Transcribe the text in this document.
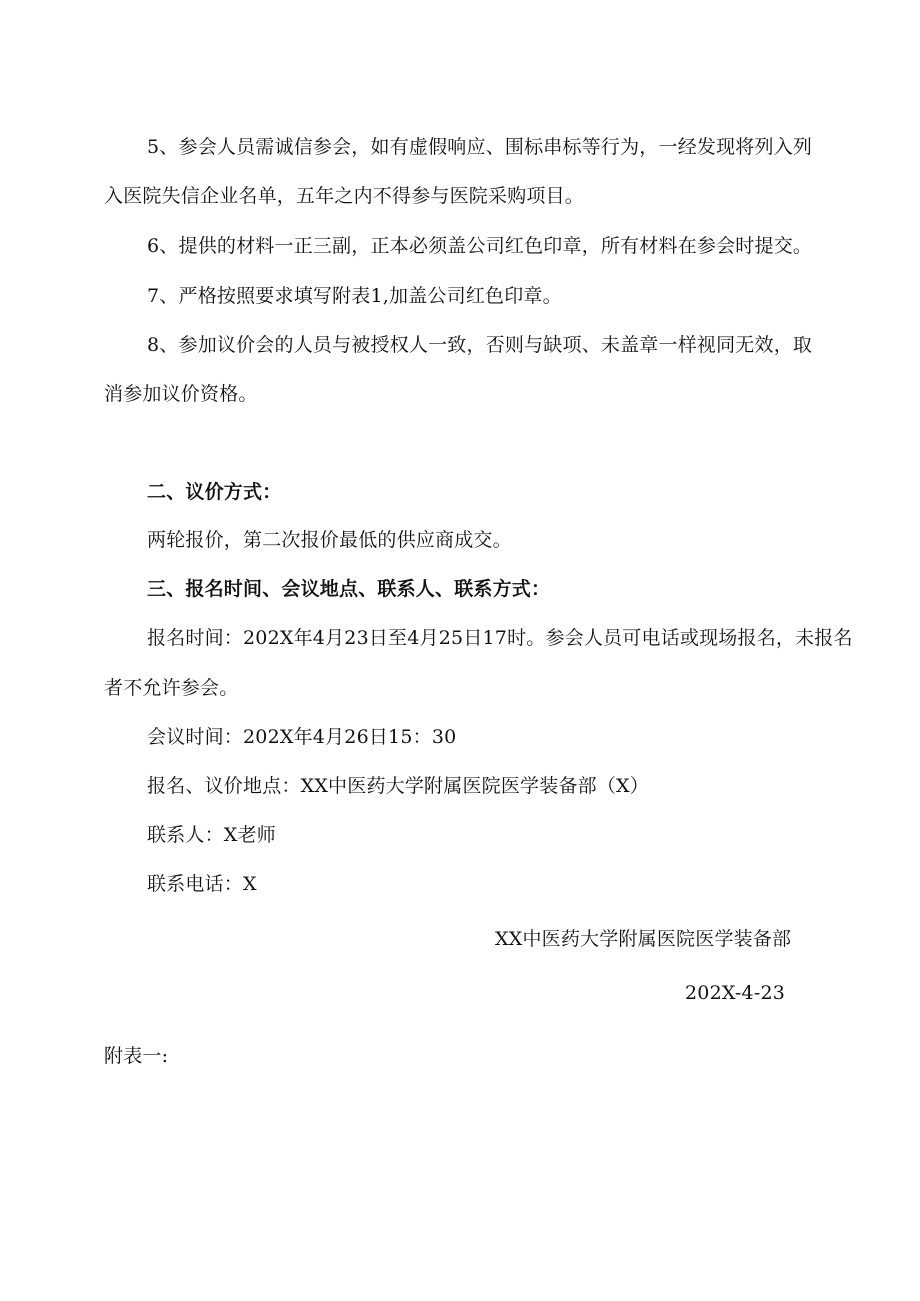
5、参会人员需诚信参会，如有虚假响应、围标串标等行为，一经发现将列入列
入医院失信企业名单，五年之内不得参与医院采购项目。
6、提供的材料一正三副，正本必须盖公司红色印章，所有材料在参会时提交。
7、严格按照要求填写附表1,加盖公司红色印章。
8、参加议价会的人员与被授权人一致，否则与缺项、未盖章一样视同无效，取
消参加议价资格。
二、议价方式：
两轮报价，第二次报价最低的供应商成交。
三、报名时间、会议地点、联系人、联系方式：
报名时间：202X年4月23日至4月25日17时。参会人员可电话或现场报名，未报名
者不允许参会。
会议时间：202X年4月26日15：30
报名、议价地点：XX中医药大学附属医院医学装备部（X）
联系人：X老师
联系电话：X
XX中医药大学附属医院医学装备部
202X-4-23
附表一:
